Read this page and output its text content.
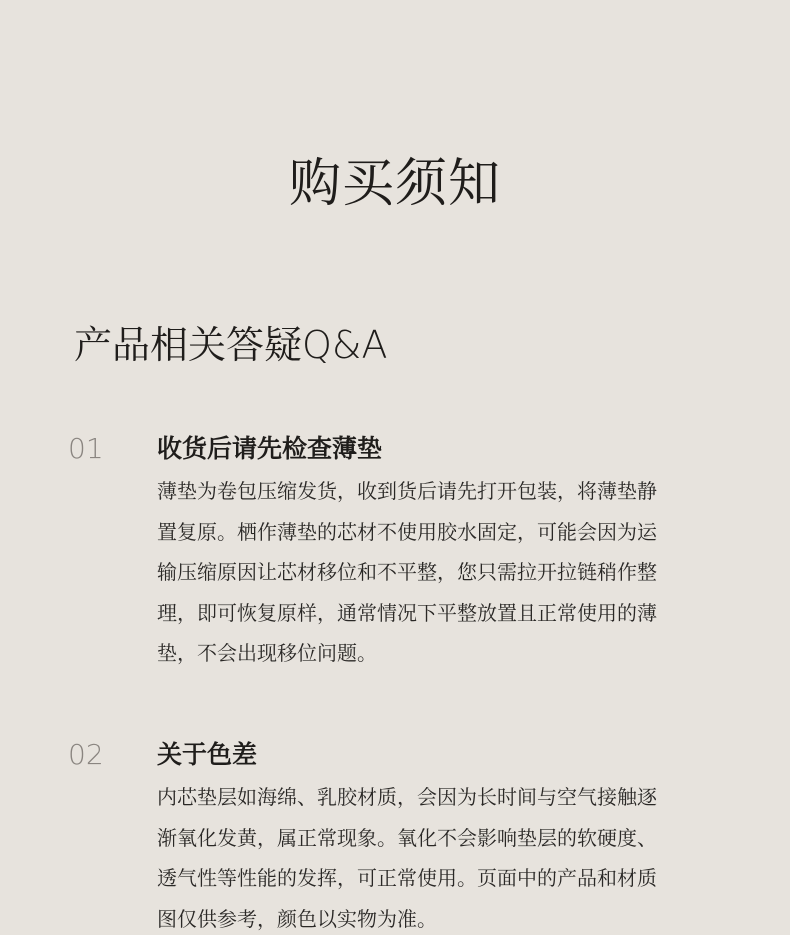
购买须知
产品相关答疑Q&A
01 收货后请先检查薄垫
薄垫为卷包压缩发货，收到货后请先打开包装，将薄垫静
置复原。栖作薄垫的芯材不使用胶水固定，可能会因为运
输压缩原因让芯材移位和不平整，您只需拉开拉链稍作整
理，即可恢复原样，通常情况下平整放置且正常使用的薄
垫，不会出现移位问题。
02 关于色差
内芯垫层如海绵、乳胶材质，会因为长时间与空气接触逐
渐氧化发黄，属正常现象。氧化不会影响垫层的软硬度、
透气性等性能的发挥，可正常使用。页面中的产品和材质
图仅供参考，颜色以实物为准。
